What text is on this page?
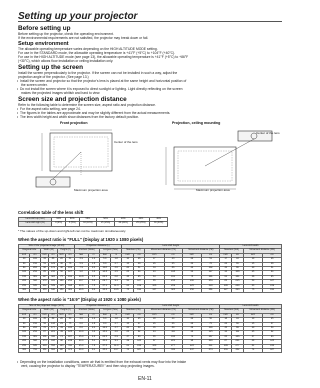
Setting up your projector
Before setting up
Before setting up the projector, check the operating environment.
If the environmental requirements are not satisfied, the projector may break down or fail.
Setup environment
The allowable operating temperature varies depending on the HIGH ALTITUDE MODE setting.
For use in the STANDARD mode, the allowable operating temperature is +41°F (+5°C) to +104°F (+40°C).
For use in the HIGH ALTITUDE mode (see page 13), the allowable operating temperature is +41°F (+5°C) to +86°F
(+30°C), which allows floor installation or ceiling installation only.
Setting up the screen
Install the screen perpendicularly to the projector. If the screen can not be installed in such a way, adjust the
projection angle of the projector. (See page 13.)
• Install the screen and projector so that the projector's lens is placed at the same height and horizontal position of
the screen center.
• Do not install the screen where it is exposed to direct sunlight or lighting. Light directly reflecting on the screen
makes the projected images whitish and hard to view.
Screen size and projection distance
Refer to the following table to determine the screen size, aspect ratio and projection distance.
• For the aspect ratio setting, see page 24.
• The figures in the tables are approximate and may be slightly different from the actual measurements.
• The lens width height and width show distances from the factory default position.
Front projection	Projection, ceiling mounting
Center of the lens
Maximum projection area
Center of the lens
Maximum projection area
Correlation table of the lens shift
Lens shift up (mm)	64%	60%	56%	52%	48%	44%	40%
Lens shift right (%)	0 (0%)	5 (5%)	10 (10%)	15 (15%)	20 (20%)	25 (25%)	30 (30%)
* The values of the up-down and right-left can not be maximum simultaneously.
When the aspect ratio is "FULL" (Display at 1920 x 1080 pixels)
Size of the projected image (16:10)						Projection distance (L)				Lens shift height						Lens shift width			
Diagonal size		Width (W)		Height (H)		Shortest (Wide)		Longest (Tele)		Standard (H0)		Movement distance (H1)		Movement distance (H2)		Standard (W0)		Movement distance (W1)	
inch	cm	inch	cm	inch	cm	feet	m	feet	m	inch	cm	inch	cm	inch	cm	inch	cm	inch	cm
40	102	34	86	20	51	3.9	1.2	5.9	1.8	10	26	17	43	20	51	17	43	10	26
60	152	51	129	30	76	5.9	1.8	8.9	2.7	15	38	26	65	30	76	26	65	15	38
80	203	68	172	40	102	7.9	2.4	11.8	3.6	20	51	34	86	40	102	34	86	20	51
100	254	85	215	50	127	9.8	3.0	14.8	4.5	25	64	43	108	50	127	43	108	25	64
150	381	127	323	75	191	14.8	4.5	22.3	6.8	38	95	64	161	75	191	64	161	38	95
200	508	170	431	100	254	19.7	6.0	29.7	9.1	50	127	85	215	100	254	85	215	50	127
250	635	212	539	125	318	24.6	7.5	37.1	11.3	63	159	106	269	125	318	106	269	63	159
300	762	255	646	150	381	29.6	9.0	44.6	13.6	75	191	127	323	150	381	127	323	75	191
When the aspect ratio is "16:9" (Display at 1920 x 1080 pixels)
Size of the projected image (16:9)						Projection distance (L)				Lens shift height						Lens shift width			
Diagonal size		Width (W)		Height (H)		Shortest (Wide)		Longest (Tele)		Standard (H0)		Movement distance (H1)		Movement distance (H2)		Standard (W0)		Movement distance (W1)	
inch	cm	inch	cm	inch	cm	feet	m	feet	m	inch	cm	inch	cm	inch	cm	inch	cm	inch	cm
40	102	35	89	20	50	4.0	1.2	6.0	1.8	10	25	18	44	20	50	18	44	10	25
60	152	52	133	29	75	6.0	1.8	9.0	2.7	15	37	26	66	29	75	26	66	15	37
80	203	70	177	39	100	8.0	2.4	12.0	3.7	20	50	35	89	39	100	35	89	20	50
100	254	87	221	49	125	10.0	3.0	15.0	4.6	25	62	44	111	49	125	44	111	25	62
150	381	131	332	74	187	15.0	4.6	22.5	6.9	37	93	65	166	74	187	65	166	37	93
200	508	174	443	98	249	20.0	6.1	30.0	9.1	49	125	87	221	98	249	87	221	49	125
250	635	218	553	123	311	25.0	7.6	37.5	11.4	61	156	109	277	123	311	109	277	61	156
300	762	261	664	147	374	30.0	9.1	45.0	13.7	74	187	131	332	147	374	131	332	74	187
• Depending on the installation conditions, warm air that is emitted from the exhaust vents may flow into the intake
vent, causing the projector to display "TEMPERATURE!!" and then stop projecting images.
EN-11
